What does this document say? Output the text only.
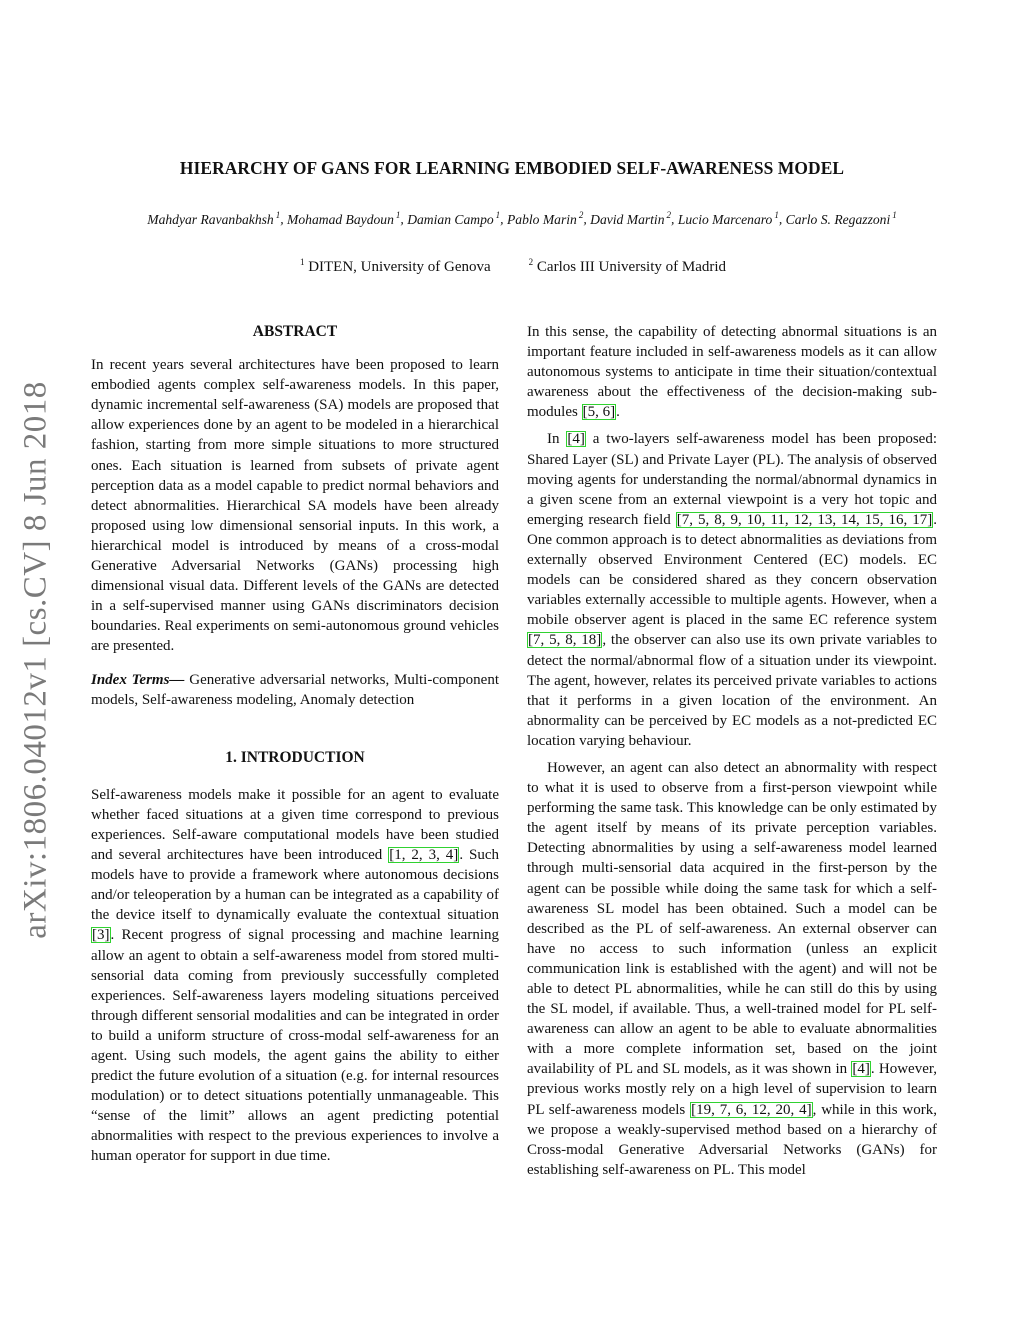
arXiv:1806.04012v1 [cs.CV] 8 Jun 2018
HIERARCHY OF GANS FOR LEARNING EMBODIED SELF-AWARENESS MODEL
Mahdyar Ravanbakhsh $^1$, Mohamad Baydoun $^1$, Damian Campo $^1$, Pablo Marin $^2$, David Martin $^2$, Lucio Marcenaro $^1$, Carlo S. Regazzoni $^1$
$^1$ DITEN, University of Genova	$^2$ Carlos III University of Madrid
ABSTRACT

In recent years several architectures have been proposed to learn embodied agents complex self-awareness models. In this paper, dynamic incremental self-awareness (SA) models are proposed that allow experiences done by an agent to be modeled in a hierarchical fashion, starting from more simple situations to more structured ones. Each situation is learned from subsets of private agent perception data as a model capable to predict normal behaviors and detect abnormalities. Hierarchical SA models have been already proposed using low dimensional sensorial inputs. In this work, a hierarchical model is introduced by means of a cross-modal Generative Adversarial Networks (GANs) processing high dimensional visual data. Different levels of the GANs are detected in a self-supervised manner using GANs discriminators decision boundaries. Real experiments on semi-autonomous ground vehicles are presented.

Index Terms— Generative adversarial networks, Multi-component models, Self-awareness modeling, Anomaly detection

1. INTRODUCTION

Self-awareness models make it possible for an agent to evaluate whether faced situations at a given time correspond to previous experiences. Self-aware computational models have been studied and several architectures have been introduced [1, 2, 3, 4]. Such models have to provide a framework where autonomous decisions and/or teleoperation by a human can be integrated as a capability of the device itself to dynamically evaluate the contextual situation [3]. Recent progress of signal processing and machine learning allow an agent to obtain a self-awareness model from stored multi-sensorial data coming from previously successfully completed experiences. Self-awareness layers modeling situations perceived through different sensorial modalities and can be integrated in order to build a uniform structure of cross-modal self-awareness for an agent. Using such models, the agent gains the ability to either predict the future evolution of a situation (e.g. for internal resources modulation) or to detect situations potentially unmanageable. This “sense of the limit” allows an agent predicting potential abnormalities with respect to the previous experiences to involve a human operator for support in due time.

In this sense, the capability of detecting abnormal situations is an important feature included in self-awareness models as it can allow autonomous systems to anticipate in time their situation/contextual awareness about the effectiveness of the decision-making sub-modules [5, 6].

In [4] a two-layers self-awareness model has been proposed: Shared Layer (SL) and Private Layer (PL). The analysis of observed moving agents for understanding the normal/abnormal dynamics in a given scene from an external viewpoint is a very hot topic and emerging research field [7, 5, 8, 9, 10, 11, 12, 13, 14, 15, 16, 17]. One common approach is to detect abnormalities as deviations from externally observed Environment Centered (EC) models. EC models can be considered shared as they concern observation variables externally accessible to multiple agents. However, when a mobile observer agent is placed in the same EC reference system [7, 5, 8, 18], the observer can also use its own private variables to detect the normal/abnormal flow of a situation under its viewpoint. The agent, however, relates its perceived private variables to actions that it performs in a given location of the environment. An abnormality can be perceived by EC models as a not-predicted EC location varying behaviour.

However, an agent can also detect an abnormality with respect to what it is used to observe from a first-person viewpoint while performing the same task. This knowledge can be only estimated by the agent itself by means of its private perception variables. Detecting abnormalities by using a self-awareness model learned through multi-sensorial data acquired in the first-person by the agent can be possible while doing the same task for which a self-awareness SL model has been obtained. Such a model can be described as the PL of self-awareness. An external observer can have no access to such information (unless an explicit communication link is established with the agent) and will not be able to detect PL abnormalities, while he can still do this by using the SL model, if available. Thus, a well-trained model for PL self-awareness can allow an agent to be able to evaluate abnormalities with a more complete information set, based on the joint availability of PL and SL models, as it was shown in [4]. However, previous works mostly rely on a high level of supervision to learn PL self-awareness models [19, 7, 6, 12, 20, 4], while in this work, we propose a weakly-supervised method based on a hierarchy of Cross-modal Generative Adversarial Networks (GANs) for establishing self-awareness on PL. This model
